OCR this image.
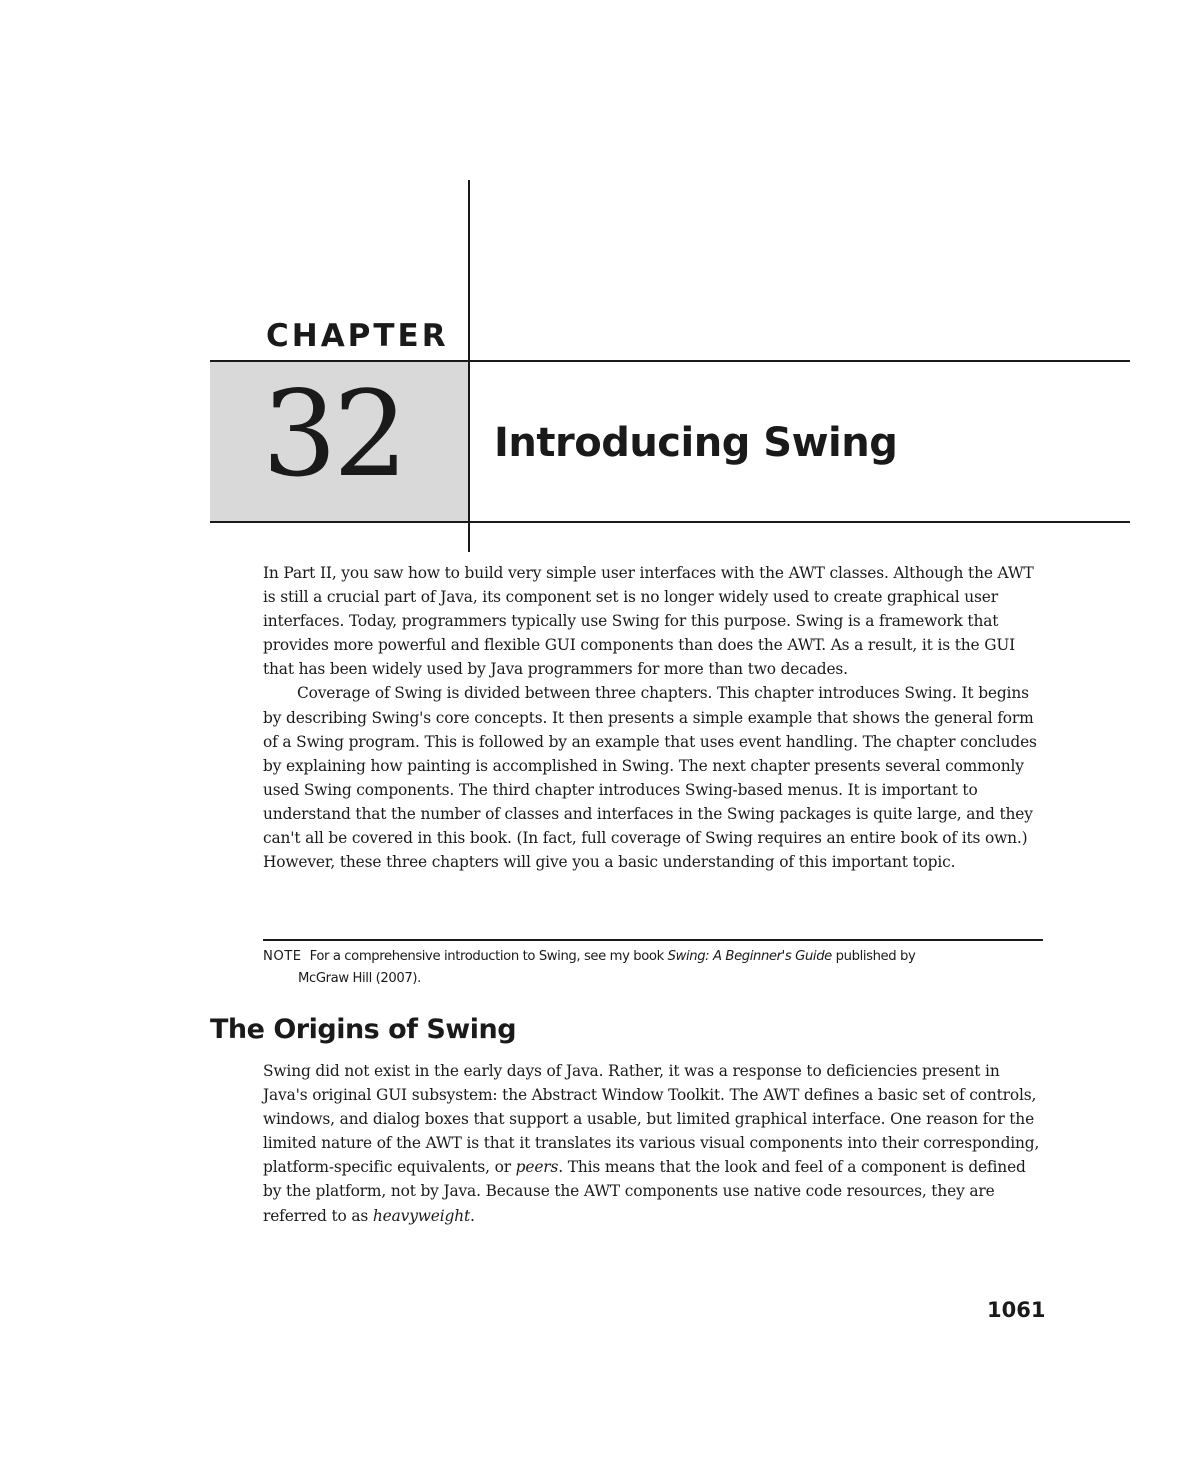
CHAPTER
32 Introducing Swing

In Part II, you saw how to build very simple user interfaces with the AWT classes. Although the AWT is still a crucial part of Java, its component set is no longer widely used to create graphical user interfaces. Today, programmers typically use Swing for this purpose. Swing is a framework that provides more powerful and flexible GUI components than does the AWT. As a result, it is the GUI that has been widely used by Java programmers for more than two decades.

Coverage of Swing is divided between three chapters. This chapter introduces Swing. It begins by describing Swing's core concepts. It then presents a simple example that shows the general form of a Swing program. This is followed by an example that uses event handling. The chapter concludes by explaining how painting is accomplished in Swing. The next chapter presents several commonly used Swing components. The third chapter introduces Swing-based menus. It is important to understand that the number of classes and interfaces in the Swing packages is quite large, and they can't all be covered in this book. (In fact, full coverage of Swing requires an entire book of its own.) However, these three chapters will give you a basic understanding of this important topic.

NOTE For a comprehensive introduction to Swing, see my book Swing: A Beginner's Guide published by
McGraw Hill (2007).
The Origins of Swing

Swing did not exist in the early days of Java. Rather, it was a response to deficiencies present in Java's original GUI subsystem: the Abstract Window Toolkit. The AWT defines a basic set of controls, windows, and dialog boxes that support a usable, but limited graphical interface. One reason for the limited nature of the AWT is that it translates its various visual components into their corresponding, platform-specific equivalents, or peers. This means that the look and feel of a component is defined by the platform, not by Java. Because the AWT components use native code resources, they are referred to as heavyweight.

1061
